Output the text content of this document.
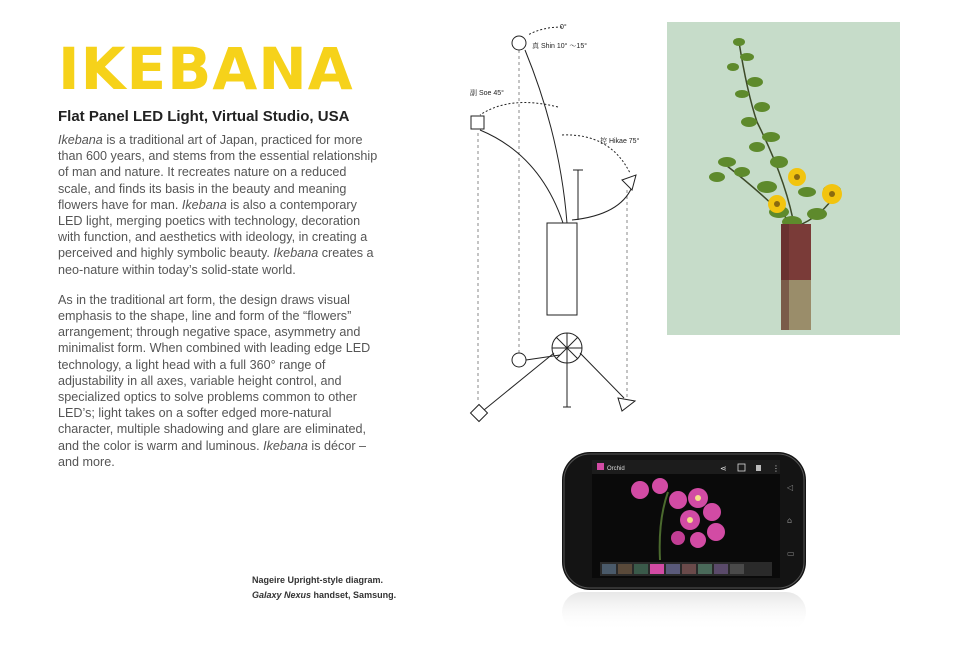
IKEBANA
Flat Panel LED Light, Virtual Studio, USA

Ikebana is a traditional art of Japan, practiced for more than 600 years, and stems from the essential relationship of man and nature. It recreates nature on a reduced scale, and finds its basis in the beauty and meaning flowers have for man. Ikebana is also a contemporary LED light, merging poetics with technology, decoration with function, and aesthetics with ideology, in creating a perceived and highly symbolic beauty. Ikebana creates a neo-nature within today’s solid-state world.

As in the traditional art form, the design draws visual emphasis to the shape, line and form of the “flowers” arrangement; through negative space, asymmetry and minimalist form. When combined with leading edge LED technology, a light head with a full 360° range of adjustability in all axes, variable height control, and specialized optics to solve problems common to other LED’s; light takes on a softer edged more-natural character, multiple shadowing and glare are eliminated, and the color is warm and luminous. Ikebana is décor – and more.

0°
真 Shin 10° 〜15°
副 Soe 45°
控 Hikae 75°
Orchid	⋖	⋮
◁
⌂
▭
Nageire Upright-style diagram.
Galaxy Nexus handset, Samsung.
